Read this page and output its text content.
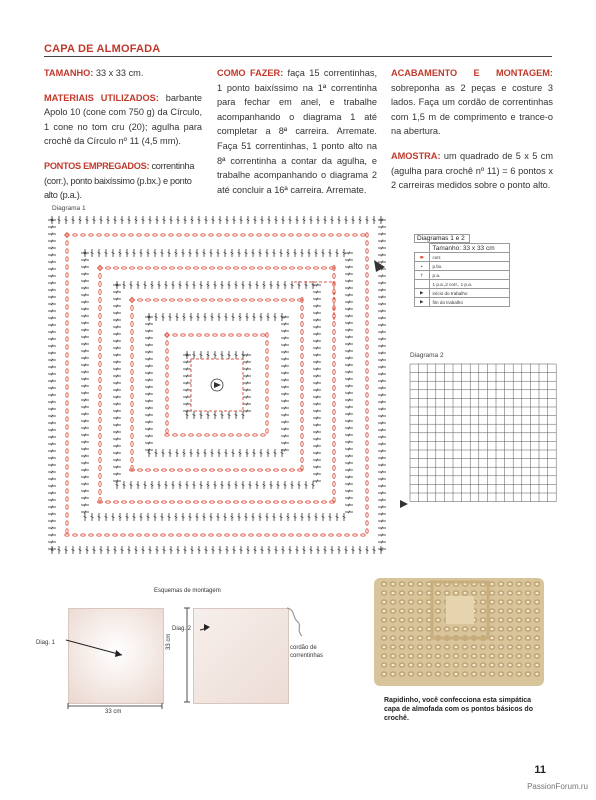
CAPA DE ALMOFADA

TAMANHO: 33 x 33 cm.

MATERIAIS UTILIZADOS: barbante Apolo 10 (cone com 750 g) da Círculo, 1 cone no tom cru (20); agulha para crochê da Círculo nº 11 (4,5 mm).

PONTOS EMPREGADOS: correntinha (corr.), ponto baixíssimo (p.bx.) e ponto alto (p.a.).

COMO FAZER: faça 15 correntinhas, 1 ponto baixíssimo na 1ª correntinha para fechar em anel, e trabalhe acompanhando o diagrama 1 até completar a 8ª carreira. Arremate. Faça 51 correntinhas, 1 ponto alto na 8ª correntinha a contar da agulha, e trabalhe acompanhando o diagrama 2 até concluir a 16ª carreira. Arremate.

ACABAMENTO E MONTAGEM: sobreponha as 2 peças e costure 3 lados. Faça um cordão de correntinhas com 1,5 m de comprimento e trance-o na abertura.

AMOSTRA: um quadrado de 5 x 5 cm (agulha para crochê nº 11) = 6 pontos x 2 carreiras medidos sobre o ponto alto.

Diagrama 1
Diagramas 1 e 2
	Tamanho: 33 x 33 cm
⬬	corr.
•	p.bx.
†	p.a.
	1 p.a.,2 corr., 1 p.a.
▶	início do trabalho
▶	fim do trabalho
Diagrama 2
Esquemas de montagem
Diag. 1
Diag. 2
33 cm
33 cm	cordão de correntinhas
Rapidinho, você confecciona esta simpática capa de almofada com os pontos básicos do crochê.
11
PassionForum.ru
